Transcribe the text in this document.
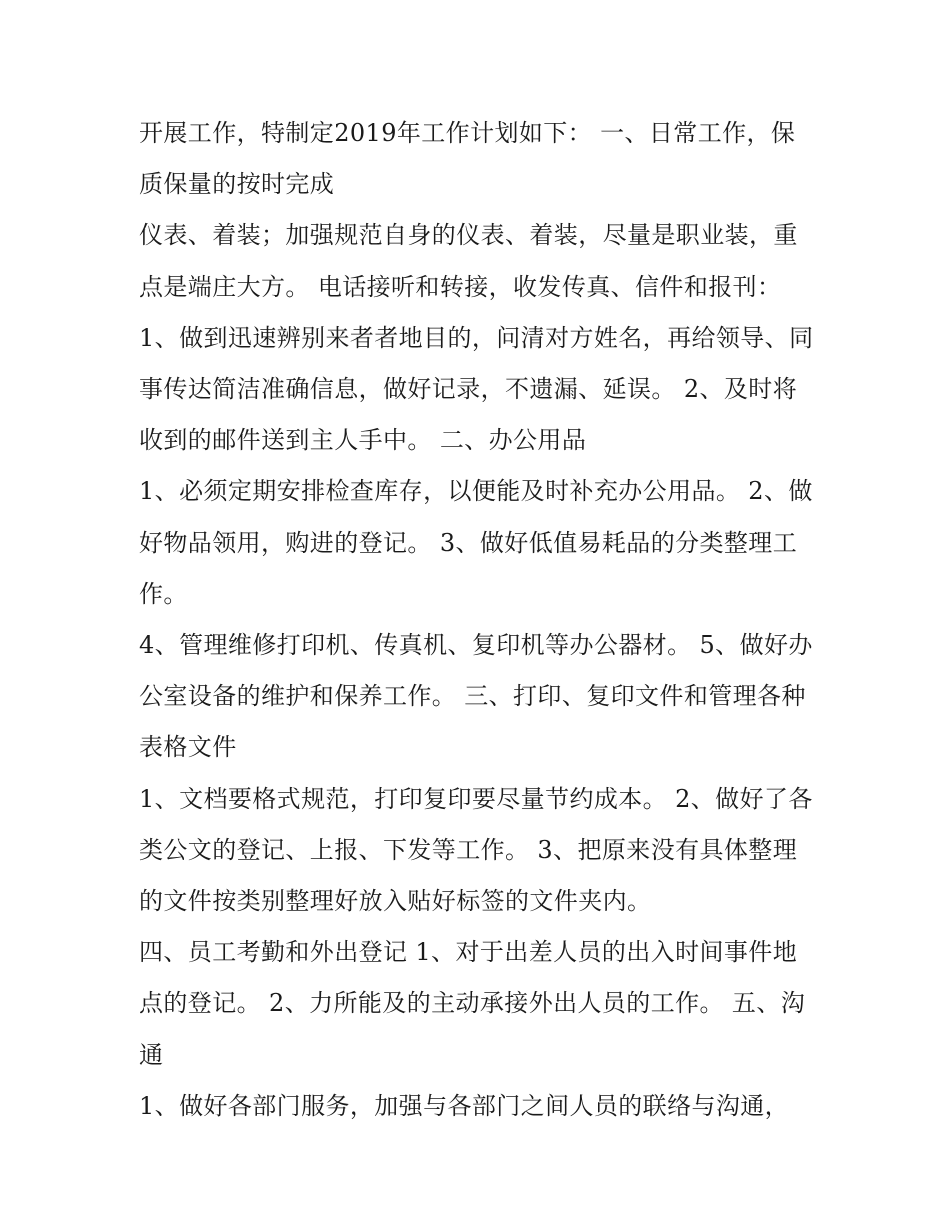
开展工作，特制定2019年工作计划如下： 一、日常工作，保质保量的按时完成

仪表、着装；加强规范自身的仪表、着装，尽量是职业装，重点是端庄大方。 电话接听和转接，收发传真、信件和报刊：

1、做到迅速辨别来者者地目的，问清对方姓名，再给领导、同事传达简洁准确信息，做好记录，不遗漏、延误。 2、及时将收到的邮件送到主人手中。 二、办公用品

1、必须定期安排检查库存，以便能及时补充办公用品。 2、做好物品领用，购进的登记。 3、做好低值易耗品的分类整理工作。

4、管理维修打印机、传真机、复印机等办公器材。 5、做好办公室设备的维护和保养工作。 三、打印、复印文件和管理各种表格文件

1、文档要格式规范，打印复印要尽量节约成本。 2、做好了各类公文的登记、上报、下发等工作。 3、把原来没有具体整理的文件按类别整理好放入贴好标签的文件夹内。

四、员工考勤和外出登记 1、对于出差人员的出入时间事件地点的登记。 2、力所能及的主动承接外出人员的工作。 五、沟通

1、做好各部门服务，加强与各部门之间人员的联络与沟通，
